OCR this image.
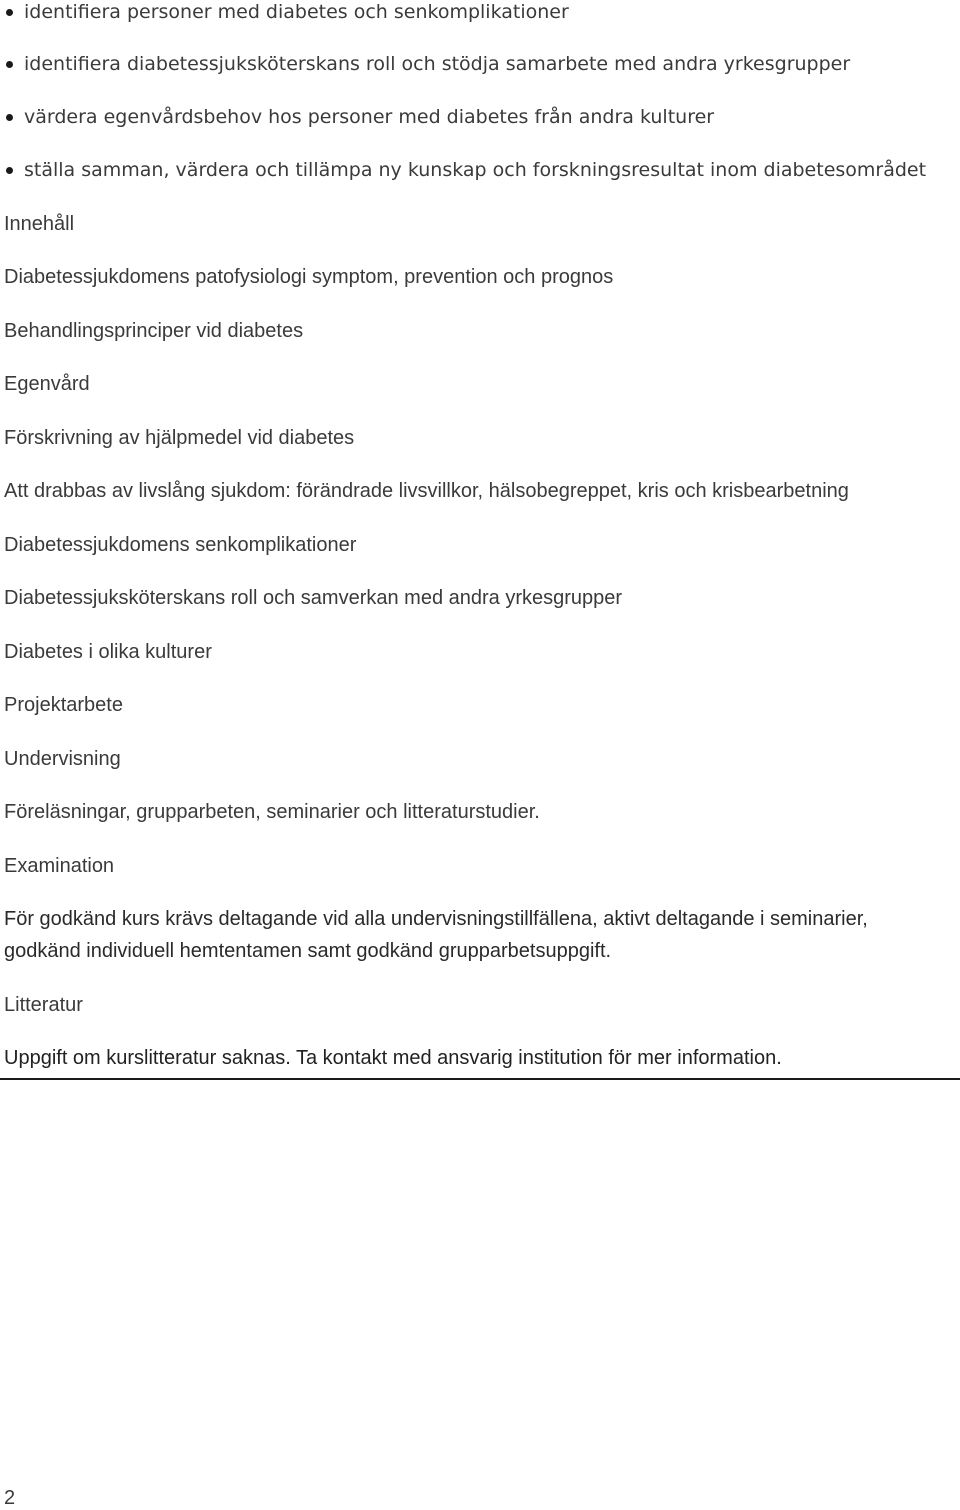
identifiera personer med diabetes och senkomplikationer
identifiera diabetessjuksköterskans roll och stödja samarbete med andra yrkesgrupper
värdera egenvårdsbehov hos personer med diabetes från andra kulturer
ställa samman, värdera och tillämpa ny kunskap och forskningsresultat inom diabetesområdet
Innehåll
Diabetessjukdomens patofysiologi symptom, prevention och prognos
Behandlingsprinciper vid diabetes
Egenvård
Förskrivning av hjälpmedel vid diabetes
Att drabbas av livslång sjukdom: förändrade livsvillkor, hälsobegreppet, kris och krisbearbetning
Diabetessjukdomens senkomplikationer
Diabetessjuksköterskans roll och samverkan med andra yrkesgrupper
Diabetes i olika kulturer
Projektarbete
Undervisning
Föreläsningar, grupparbeten, seminarier och litteraturstudier.
Examination
För godkänd kurs krävs deltagande vid alla undervisningstillfällena, aktivt deltagande i seminarier,
godkänd individuell hemtentamen samt godkänd grupparbetsuppgift.
Litteratur
Uppgift om kurslitteratur saknas. Ta kontakt med ansvarig institution för mer information.
2
